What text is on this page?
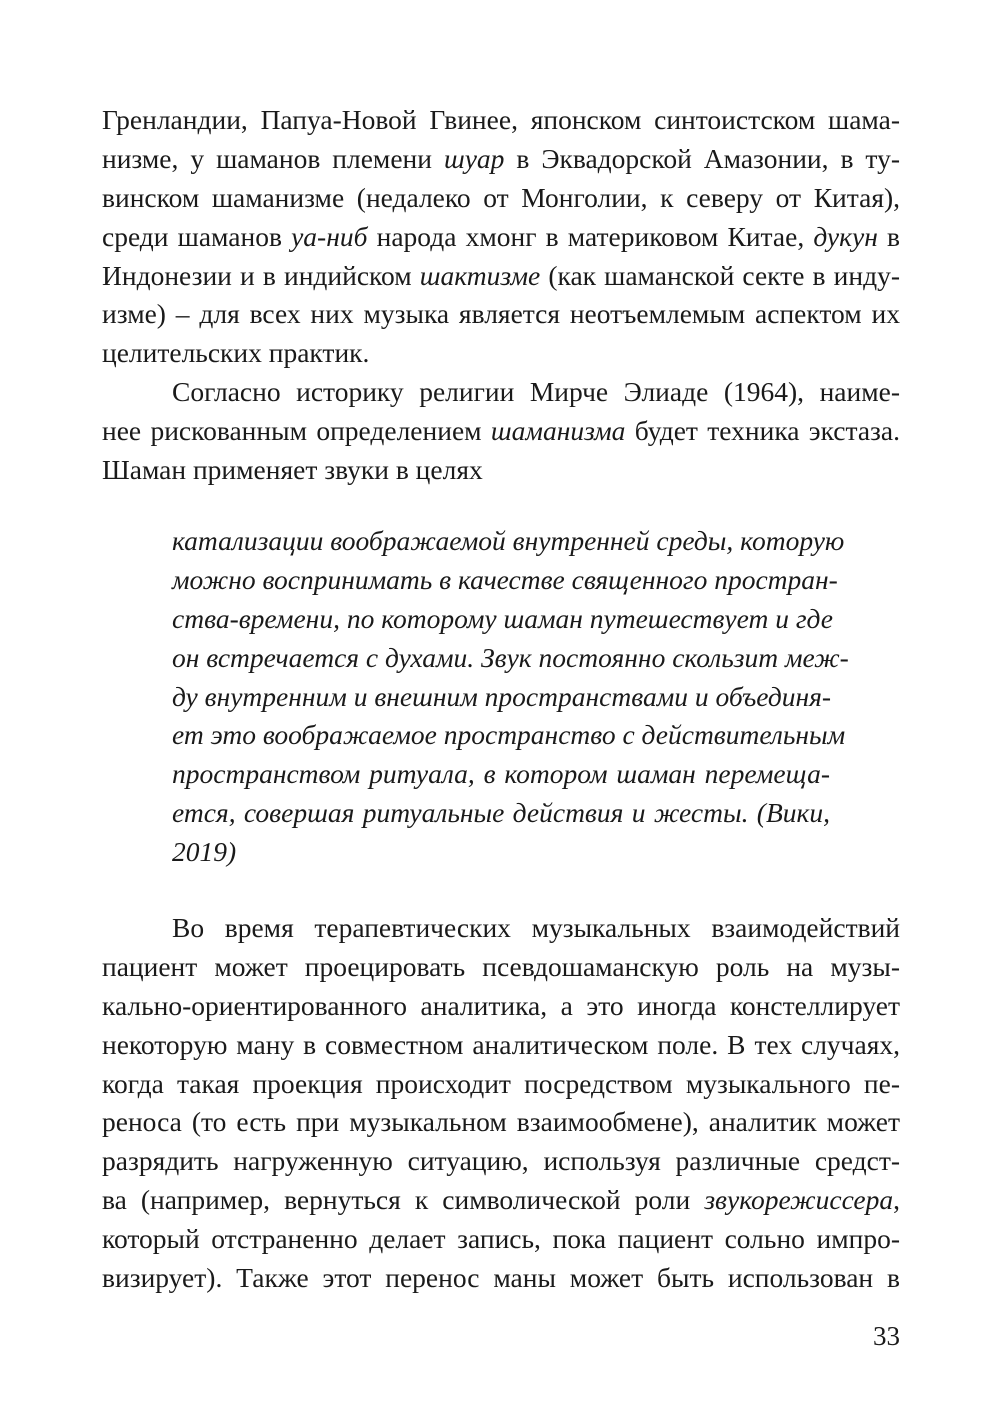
Гренландии, Папуа-Новой Гвинее, японском синтоистском шама-
низме, у шаманов племени шуар в Эквадорской Амазонии, в ту-
винском шаманизме (недалеко от Монголии, к северу от Китая),
среди шаманов уа-ниб народа хмонг в материковом Китае, дукун в
Индонезии и в индийском шактизме (как шаманской секте в инду-
изме) – для всех них музыка является неотъемлемым аспектом их
целительских практик.
Согласно историку религии Мирче Элиаде (1964), наиме-
нее рискованным определением шаманизма будет техника экстаза.
Шаман применяет звуки в целях
катализации воображаемой внутренней среды, которую
можно воспринимать в качестве священного простран-
ства-времени, по которому шаман путешествует и где
он встречается с духами. Звук постоянно скользит меж-
ду внутренним и внешним пространствами и объединя-
ет это воображаемое пространство с действительным
пространством ритуала, в котором шаман перемеща-
ется, совершая ритуальные действия и жесты. (Вики,
2019)
Во время терапевтических музыкальных взаимодействий
пациент может проецировать псевдошаманскую роль на музы-
кально-ориентированного аналитика, а это иногда констеллирует
некоторую ману в совместном аналитическом поле. В тех случаях,
когда такая проекция происходит посредством музыкального пе-
реноса (то есть при музыкальном взаимообмене), аналитик может
разрядить нагруженную ситуацию, используя различные средст-
ва (например, вернуться к символической роли звукорежиссера,
который отстраненно делает запись, пока пациент сольно импро-
визирует). Также этот перенос маны может быть использован в
33
